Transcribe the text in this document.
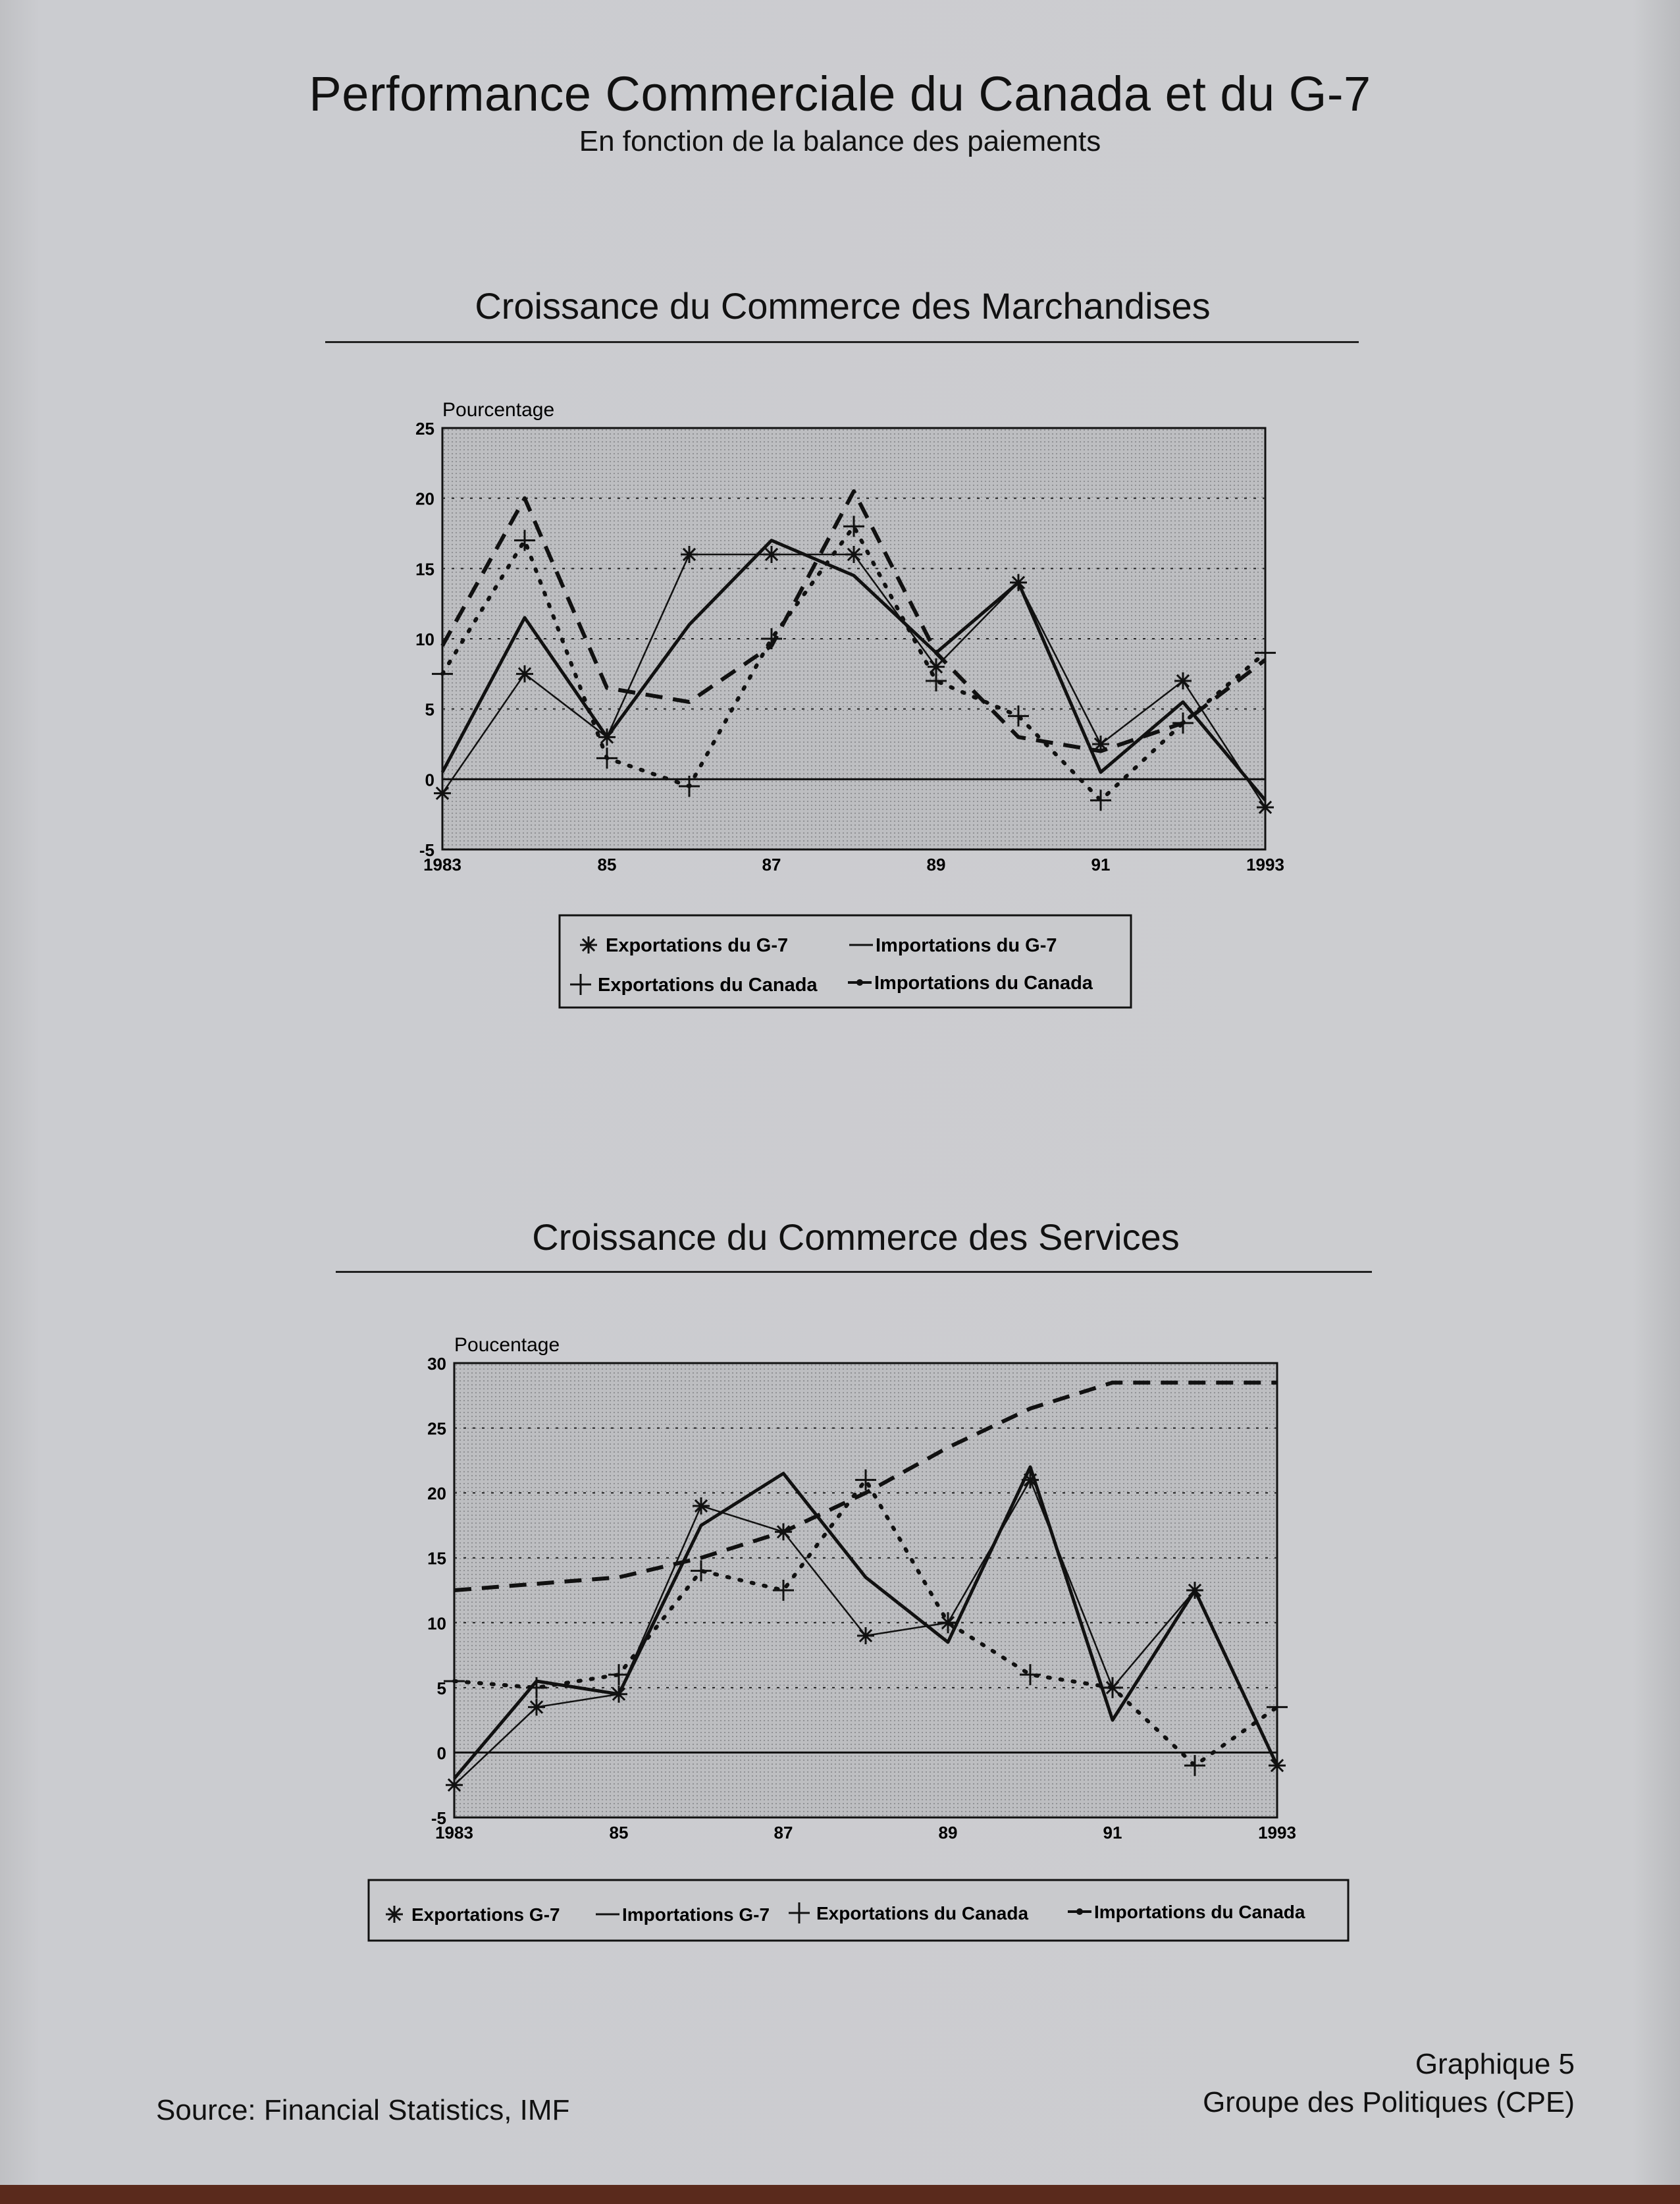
Performance Commerciale du Canada et du G-7
En fonction de la balance des paiements
Croissance du Commerce des Marchandises
Pourcentage
25
20
15
10
5
0
-5
1983	85	87	89	91	1993
Exportations du G-7	Importations du G-7
Exportations du Canada	Importations du Canada
Croissance du Commerce des Services
Poucentage
30
25
20
15
10
5
0
-5
1983	85	87	89	91	1993
Exportations G-7	Importations G-7	Exportations du Canada	Importations du Canada
Source: Financial Statistics, IMF
Graphique 5
Groupe des Politiques (CPE)
